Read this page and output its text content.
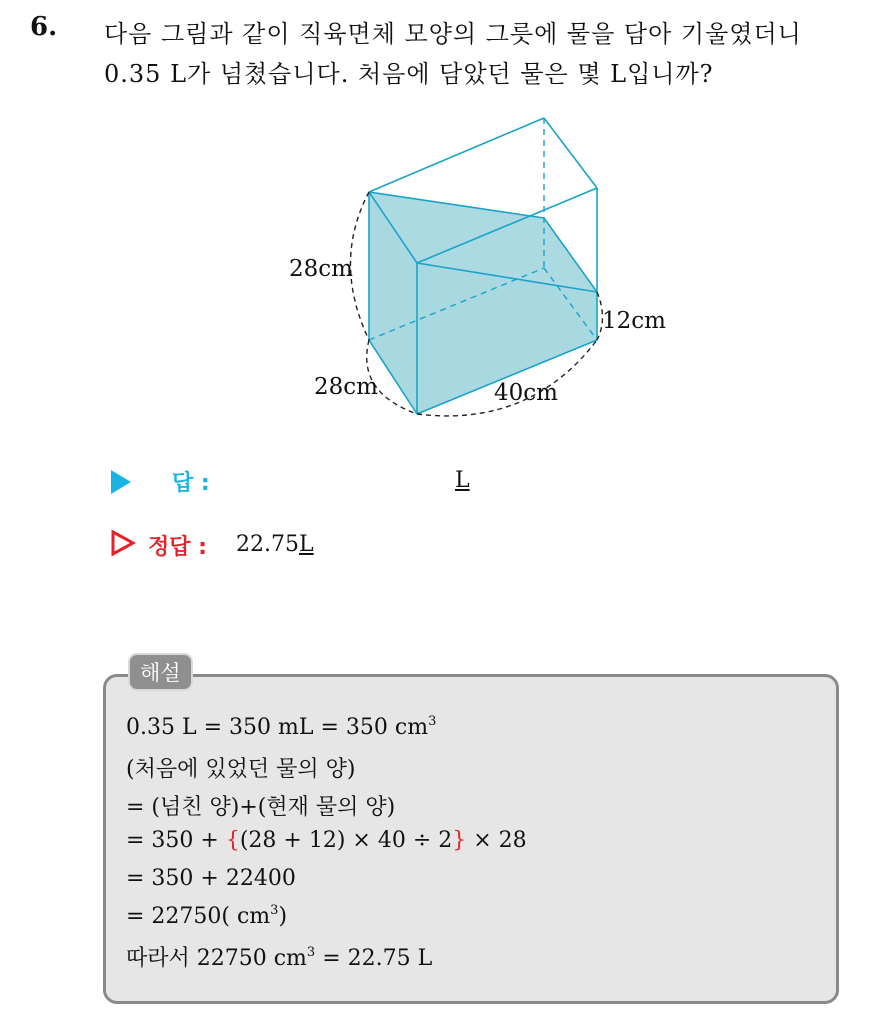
6. 다음 그림과 같이 직육면체 모양의 그릇에 물을 담아 기울였더니
0.35 L가 넘쳤습니다. 처음에 담았던 물은 몇 L입니까?
28cm
28cm	40cm
12cm
답 :	L
정답 : 22.75L
해설
0.35 L = 350 mL = 350 $cm^3$
(처음에 있었던 물의 양)
= (넘친 양)+(현재 물의 양)
= 350 + {(28 + 12) × 40 ÷ 2} × 28
= 350 + 22400
= 22750( $cm^3$)
따라서 22750 $cm^3 = 22.75$ L
